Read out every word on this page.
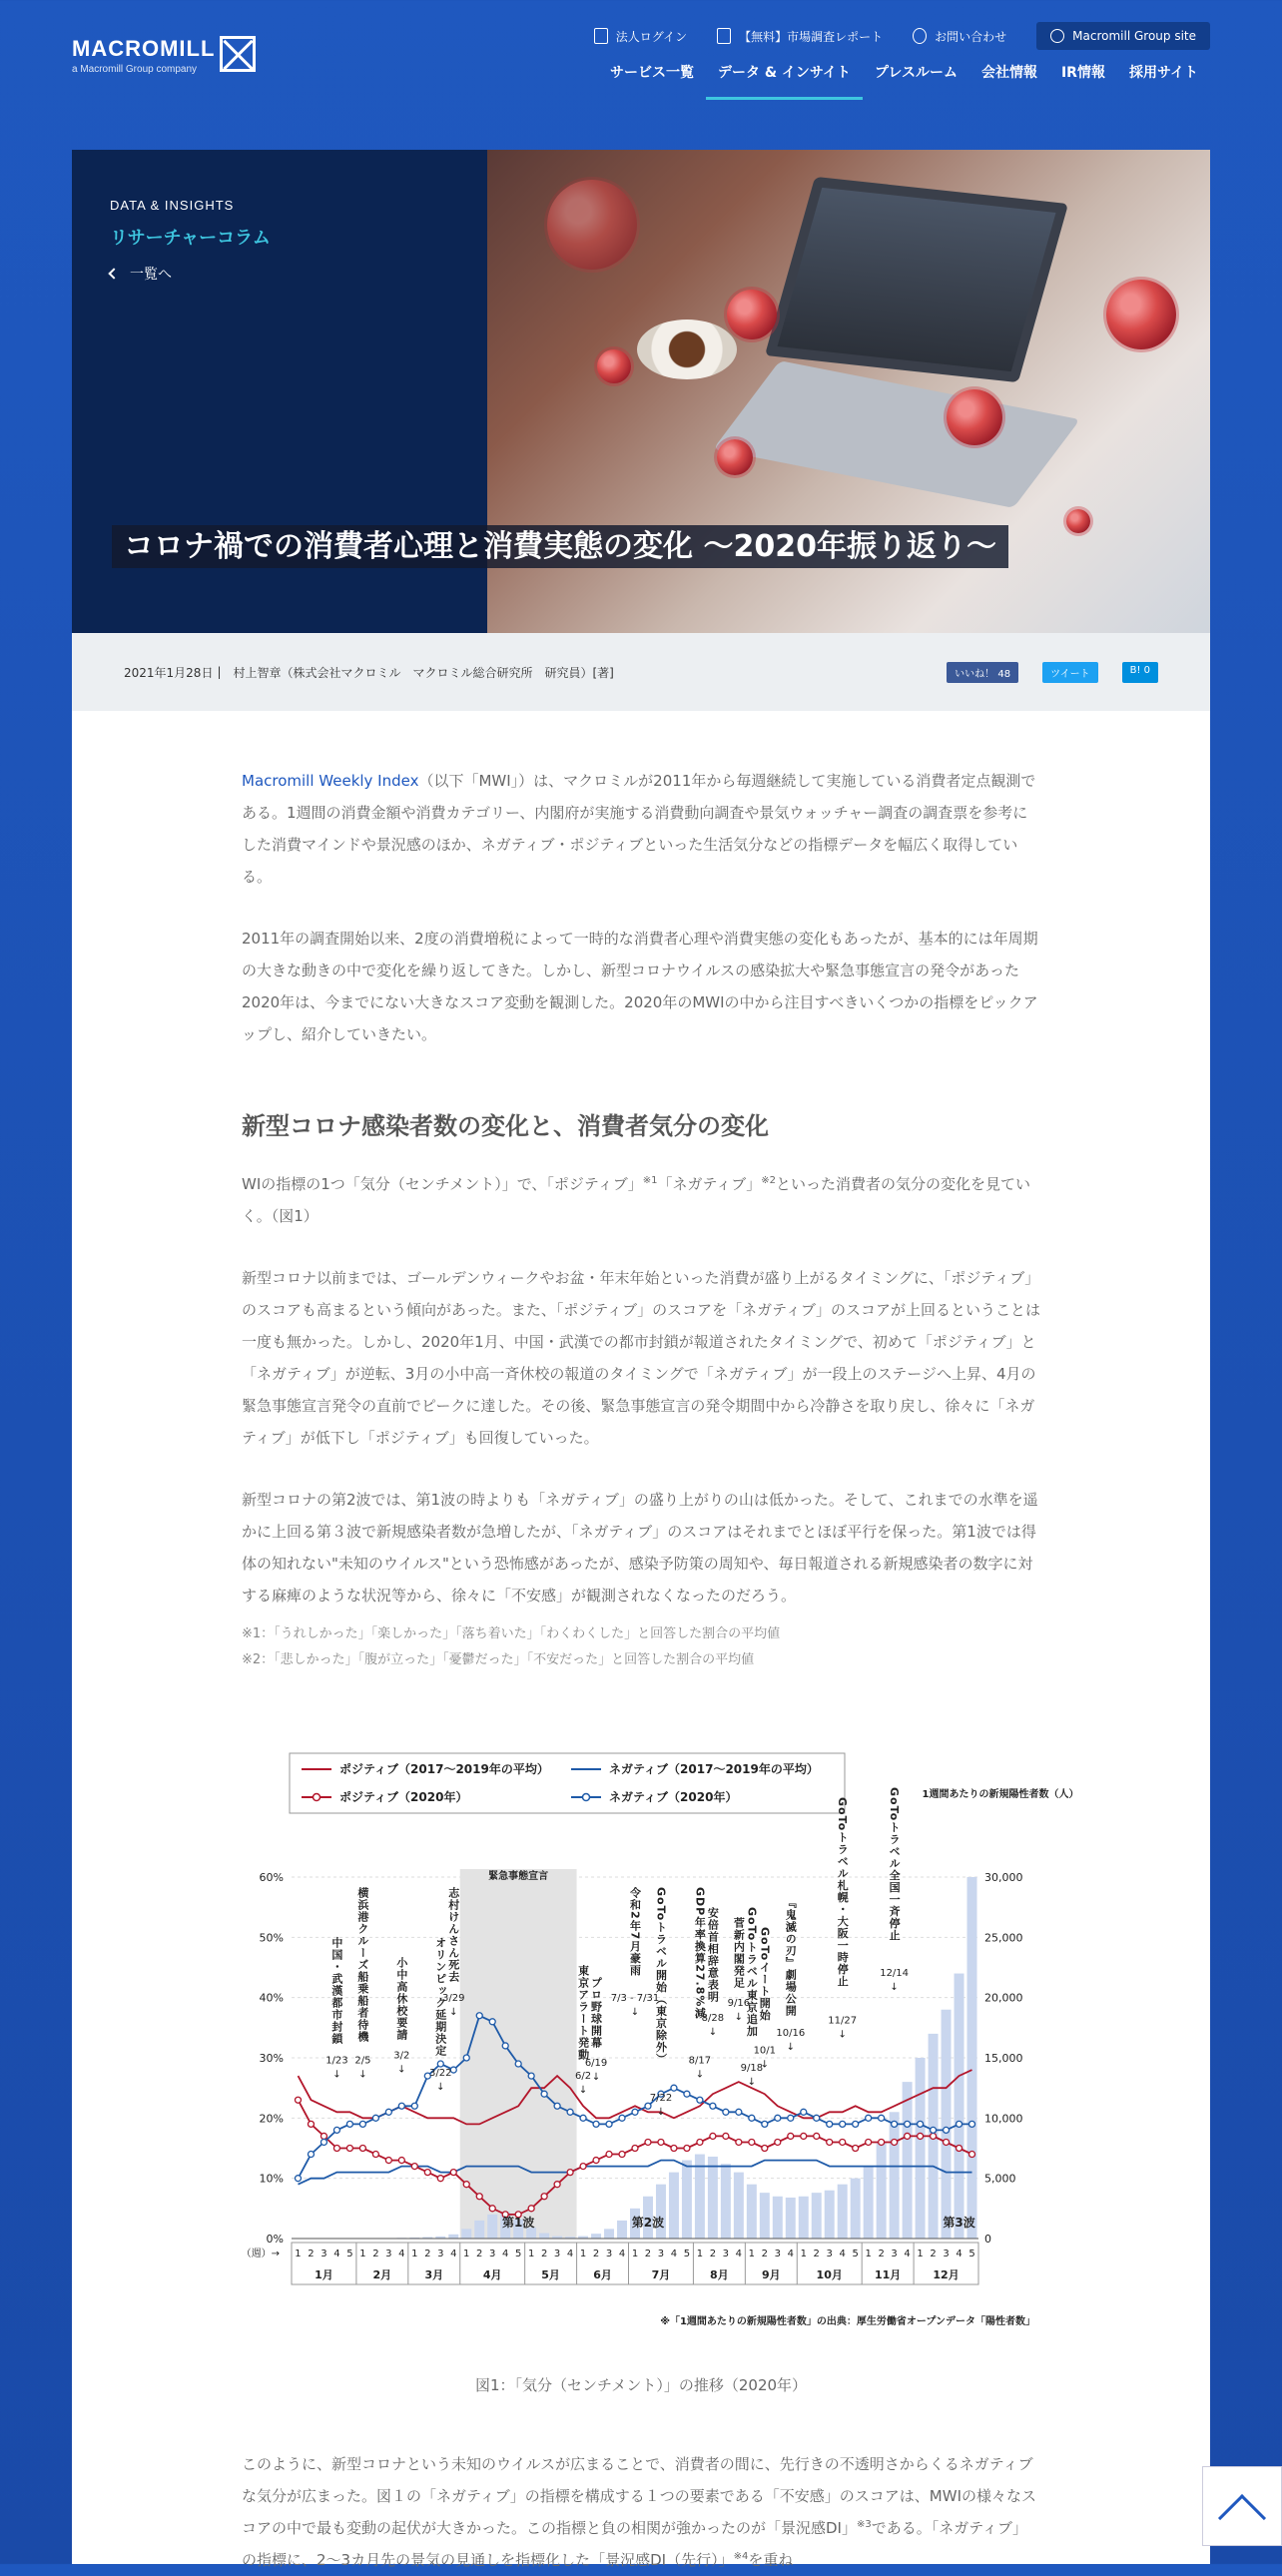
MACROMILL
a Macromill Group company
法人ログイン	【無料】市場調査レポート	お問い合わせ	Macromill Group site
サービス一覧	データ & インサイト	プレスルーム	会社情報	IR情報	採用サイト
DATA & INSIGHTS
リサーチャーコラム
一覧へ
コロナ禍での消費者心理と消費実態の変化 〜2020年振り返り〜
2021年1月28日 | 村上智章（株式会社マクロミル　マクロミル総合研究所　研究員）[著]	いいね！ 48	ツイート	B! 0

Macromill Weekly Index（以下「MWI」）は、マクロミルが2011年から毎週継続して実施している消費者定点観測である。1週間の消費金額や消費カテゴリー、内閣府が実施する消費動向調査や景気ウォッチャー調査の調査票を参考にした消費マインドや景況感のほか、ネガティブ・ポジティブといった生活気分などの指標データを幅広く取得している。

2011年の調査開始以来、2度の消費増税によって一時的な消費者心理や消費実態の変化もあったが、基本的には年周期の大きな動きの中で変化を繰り返してきた。しかし、新型コロナウイルスの感染拡大や緊急事態宣言の発令があった2020年は、今までにない大きなスコア変動を観測した。2020年のMWIの中から注目すべきいくつかの指標をピックアップし、紹介していきたい。

新型コロナ感染者数の変化と、消費者気分の変化

WIの指標の1つ「気分（センチメント）」で、「ポジティブ」$^{※1}$「ネガティブ」$^{※2}$といった消費者の気分の変化を見ていく。（図1）

新型コロナ以前までは、ゴールデンウィークやお盆・年末年始といった消費が盛り上がるタイミングに、「ポジティブ」のスコアも高まるという傾向があった。また、「ポジティブ」のスコアを「ネガティブ」のスコアが上回るということは一度も無かった。しかし、2020年1月、中国・武漢での都市封鎖が報道されたタイミングで、初めて「ポジティブ」と「ネガティブ」が逆転、3月の小中高一斉休校の報道のタイミングで「ネガティブ」が一段上のステージへ上昇、4月の緊急事態宣言発令の直前でピークに達した。その後、緊急事態宣言の発令期間中から冷静さを取り戻し、徐々に「ネガティブ」が低下し「ポジティブ」も回復していった。

新型コロナの第2波では、第1波の時よりも「ネガティブ」の盛り上がりの山は低かった。そして、これまでの水準を遥かに上回る第３波で新規感染者数が急増したが、「ネガティブ」のスコアはそれまでとほぼ平行を保った。第1波では得体の知れない"未知のウイルス"という恐怖感があったが、感染予防策の周知や、毎日報道される新規感染者の数字に対する麻痺のような状況等から、徐々に「不安感」が観測されなくなったのだろう。

※1：「うれしかった」「楽しかった」「落ち着いた」「わくわくした」と回答した割合の平均値

※2：「悲しかった」「腹が立った」「憂鬱だった」「不安だった」と回答した割合の平均値

ポジティブ（2017〜2019年の平均）	ネガティブ（2017〜2019年の平均）
ポジティブ（2020年）	ネガティブ（2020年）	1週間あたりの新規陽性者数（人）
0%
10%
20%
30%
40%
50%
60%
0
5,000
10,000
15,000
20,000
25,000
30,000
緊急事態宣言
第1波	第2波	第3波
（週）→ 1 2 3 4 5
1月
1 2 3 4
2月
1 2 3 4
3月
1 2 3 4 5
4月
1 2 3 4
5月
1 2 3 4
6月
1 2 3 4 5
7月
1 2 3 4
8月
1 2 3 4
9月
1 2 3 4 5
10月
1 2 3 4
11月
1 2 3 4 5
12月
中国・武漢都市封鎖
1/23
↓
横浜港クルーズ船乗船者待機
2/5
↓
小中高休校要請
3/2
↓
オリンピック延期決定
3/22
↓
志村けんさん死去
3/29
↓	東京アラート発動
6/2
↓
プロ野球開幕
6/19
↓
令和2年7月豪雨
7/3 - 7/31
↓ GoToトラベル開始（東京除外）
7/22
↓
GDP年率換算27.8%減
8/17
↓
安倍首相辞意表明
8/28
↓
菅新内閣発足
9/16
↓ GoToトラベル東京追加
9/18
↓
GoToイート開始
10/1
↓
『鬼滅の刃』劇場公開
10/16
↓
GoToトラベル札幌・大阪一時停止
11/27
↓
GoToトラベル全国一斉停止
12/14
↓
※「1週間あたりの新規陽性者数」の出典：厚生労働省オープンデータ「陽性者数」
図1：「気分（センチメント）」の推移（2020年）
このように、新型コロナという未知のウイルスが広まることで、消費者の間に、先行きの不透明さからくるネガティブな気分が広まった。図１の「ネガティブ」の指標を構成する１つの要素である「不安感」のスコアは、MWIの様々なスコアの中で最も変動の起伏が大きかった。この指標と負の相関が強かったのが「景況感DI」$^{※3}$である。「ネガティブ」の指標に、2〜3カ月先の景気の見通しを指標化した「景況感DI（先行）」$^{※4}$を重ね
